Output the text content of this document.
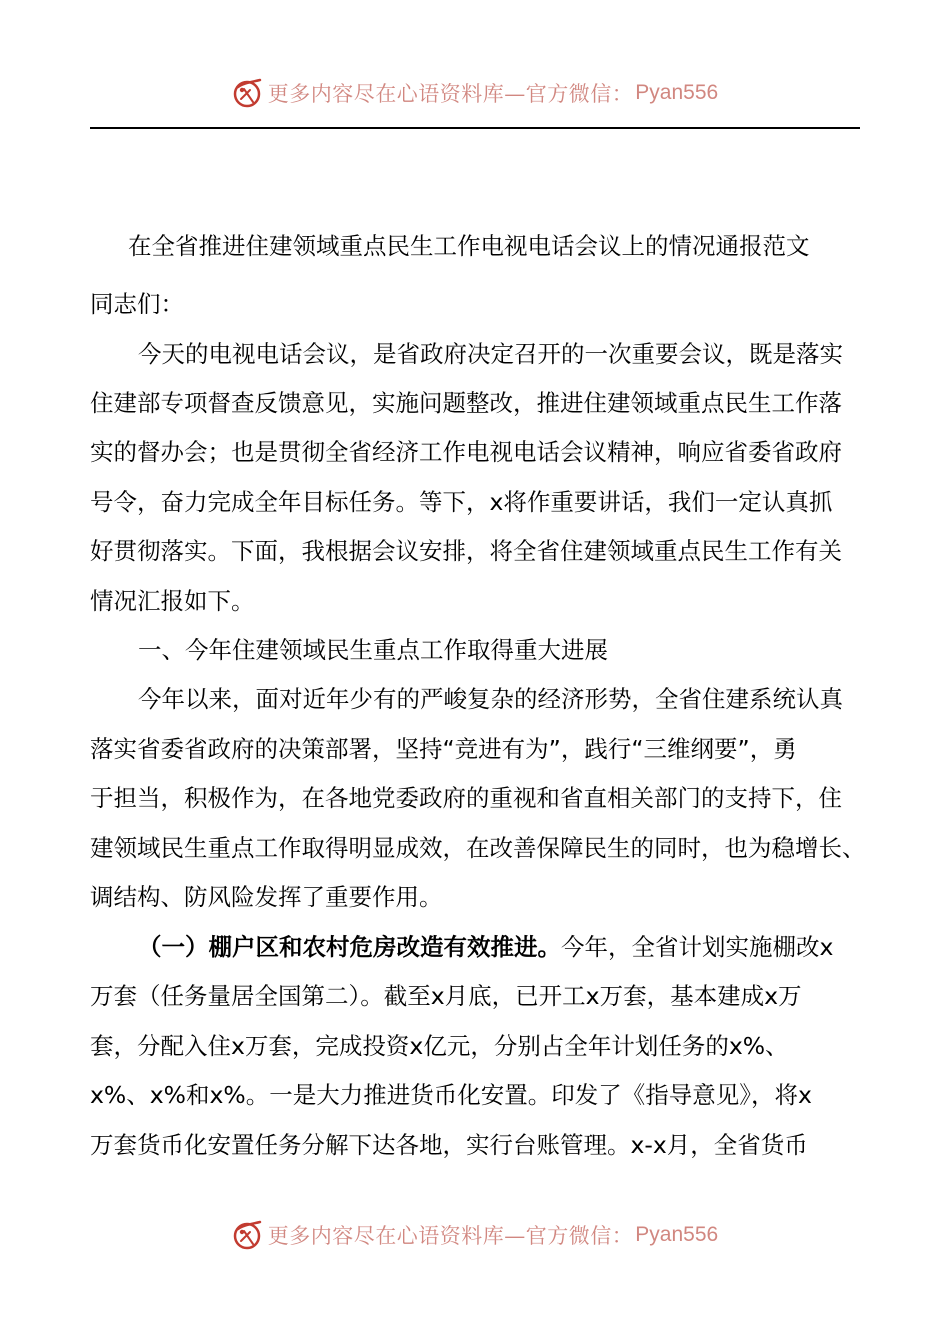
更多内容尽在心语资料库—官方微信： Pyan556
在全省推进住建领域重点民生工作电视电话会议上的情况通报范文
同志们：
今天的电视电话会议，是省政府决定召开的一次重要会议，既是落实
住建部专项督查反馈意见，实施问题整改，推进住建领域重点民生工作落
实的督办会；也是贯彻全省经济工作电视电话会议精神，响应省委省政府
号令，奋力完成全年目标任务。等下，x将作重要讲话，我们一定认真抓
好贯彻落实。下面，我根据会议安排，将全省住建领域重点民生工作有关
情况汇报如下。
一、今年住建领域民生重点工作取得重大进展
今年以来，面对近年少有的严峻复杂的经济形势，全省住建系统认真
落实省委省政府的决策部署，坚持“竞进有为”，践行“三维纲要”，勇
于担当，积极作为，在各地党委政府的重视和省直相关部门的支持下，住
建领域民生重点工作取得明显成效，在改善保障民生的同时，也为稳增长、
调结构、防风险发挥了重要作用。
（一）棚户区和农村危房改造有效推进。今年，全省计划实施棚改x
万套（任务量居全国第二）。截至x月底，已开工x万套，基本建成x万
套，分配入住x万套，完成投资x亿元，分别占全年计划任务的x%、
x%、x%和x%。一是大力推进货币化安置。印发了《指导意见》，将x
万套货币化安置任务分解下达各地，实行台账管理。x-x月，全省货币
更多内容尽在心语资料库—官方微信： Pyan556
